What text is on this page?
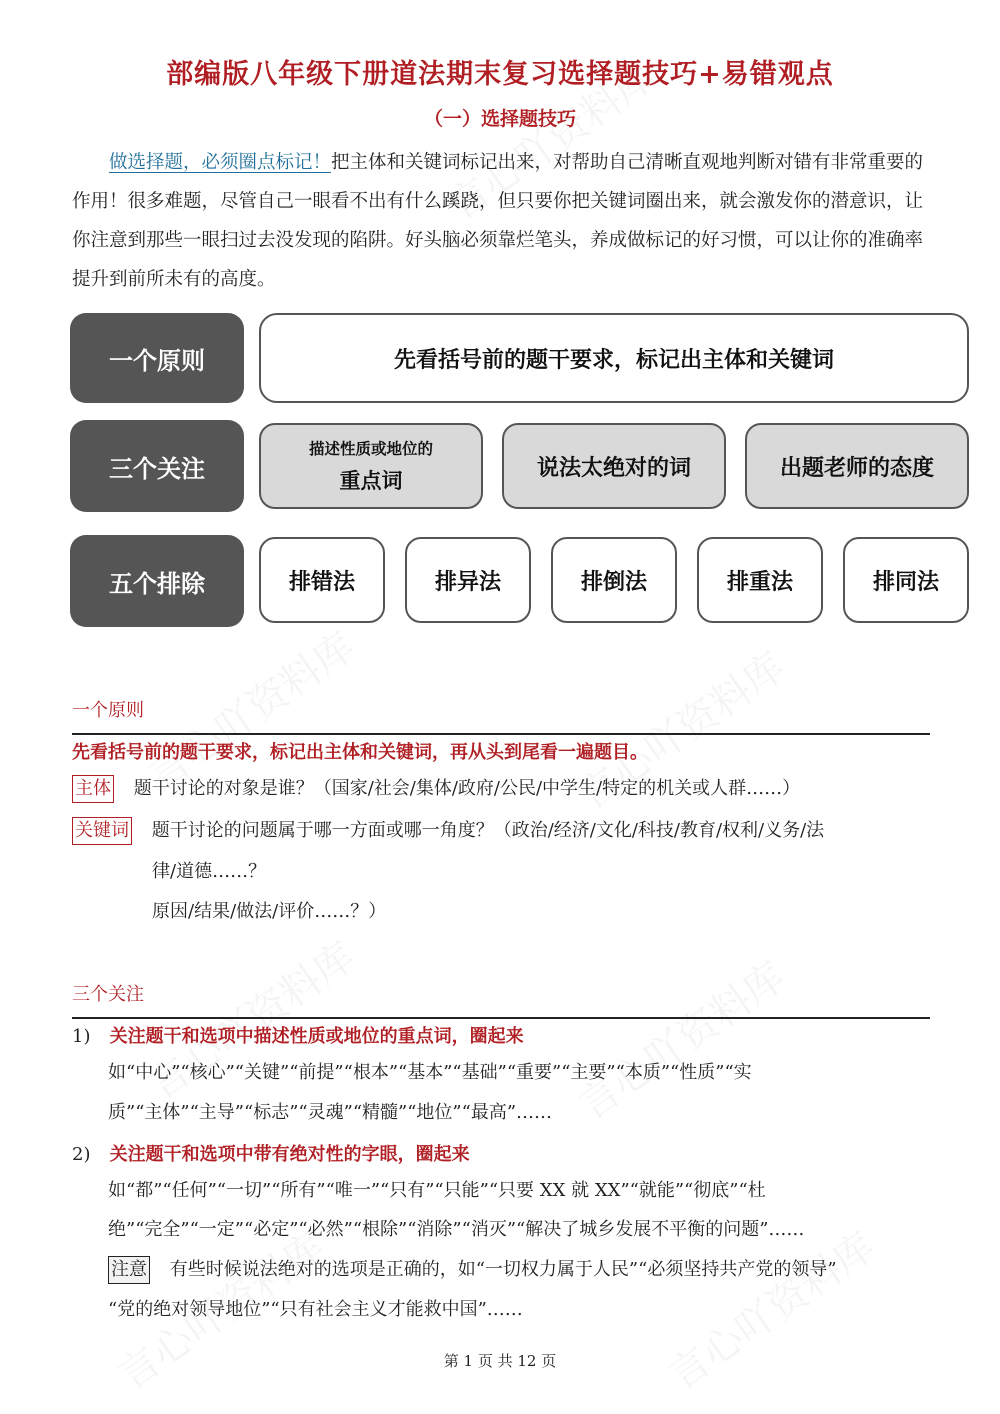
部编版八年级下册道法期末复习选择题技巧+易错观点
（一）选择题技巧
做选择题，必须圈点标记！把主体和关键词标记出来，对帮助自己清晰直观地判断对错有非常重要的作用！很多难题，尽管自己一眼看不出有什么蹊跷，但只要你把关键词圈出来，就会激发你的潜意识，让你注意到那些一眼扫过去没发现的陷阱。好头脑必须靠烂笔头，养成做标记的好习惯，可以让你的准确率提升到前所未有的高度。
一个原则	先看括号前的题干要求，标记出主体和关键词
三个关注
描述性质或地位的
重点词
说法太绝对的词	出题老师的态度
五个排除	排错法	排异法	排倒法	排重法	排同法
一个原则
先看括号前的题干要求，标记出主体和关键词，再从头到尾看一遍题目。
主体 题干讨论的对象是谁？（国家/社会/集体/政府/公民/中学生/特定的机关或人群……）
关键词 题干讨论的问题属于哪一方面或哪一角度？（政治/经济/文化/科技/教育/权利/义务/法
律/道德……？
原因/结果/做法/评价……？）
三个关注
1) 关注题干和选项中描述性质或地位的重点词，圈起来
如“中心”“核心”“关键”“前提”“根本”“基本”“基础”“重要”“主要”“本质”“性质”“实
质”“主体”“主导”“标志”“灵魂”“精髓”“地位”“最高”……
2) 关注题干和选项中带有绝对性的字眼，圈起来
如“都”“任何”“一切”“所有”“唯一”“只有”“只能”“只要 XX 就 XX”“就能”“彻底”“杜
绝”“完全”“一定”“必定”“必然”“根除”“消除”“消灭”“解决了城乡发展不平衡的问题”……
注意 有些时候说法绝对的选项是正确的，如“一切权力属于人民”“必须坚持共产党的领导”
“党的绝对领导地位”“只有社会主义才能救中国”……
第 1 页 共 12 页
